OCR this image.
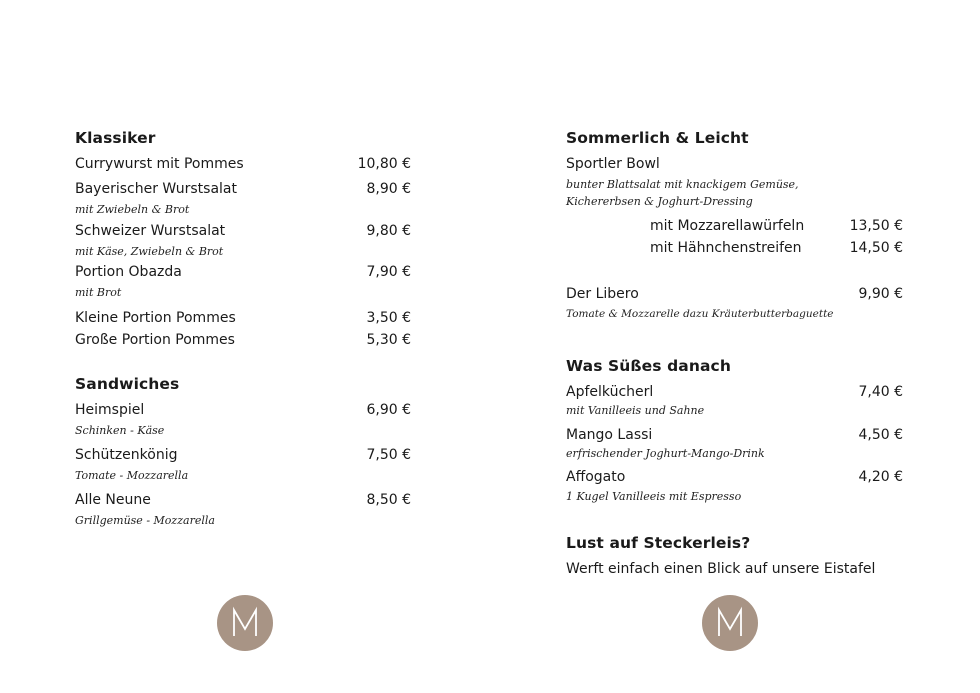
Klassiker
Currywurst mit Pommes	10,80 €
Bayerischer Wurstsalat	8,90 €
mit Zwiebeln & Brot
Schweizer Wurstsalat	9,80 €
mit Käse, Zwiebeln & Brot
Portion Obazda	7,90 €
mit Brot
Kleine Portion Pommes	3,50 €
Große Portion Pommes	5,30 €
Sandwiches
Heimspiel	6,90 €
Schinken - Käse
Schützenkönig	7,50 €
Tomate - Mozzarella
Alle Neune	8,50 €
Grillgemüse - Mozzarella
Sommerlich & Leicht
Sportler Bowl
bunter Blattsalat mit knackigem Gemüse,
Kichererbsen & Joghurt-Dressing
mit Mozzarellawürfeln	13,50 €
mit Hähnchenstreifen	14,50 €
Der Libero	9,90 €
Tomate & Mozzarelle dazu Kräuterbutterbaguette
Was Süßes danach
Apfelkücherl	7,40 €
mit Vanilleeis und Sahne
Mango Lassi	4,50 €
erfrischender Joghurt-Mango-Drink
Affogato	4,20 €
1 Kugel Vanilleeis mit Espresso
Lust auf Steckerleis?
Werft einfach einen Blick auf unsere Eistafel
